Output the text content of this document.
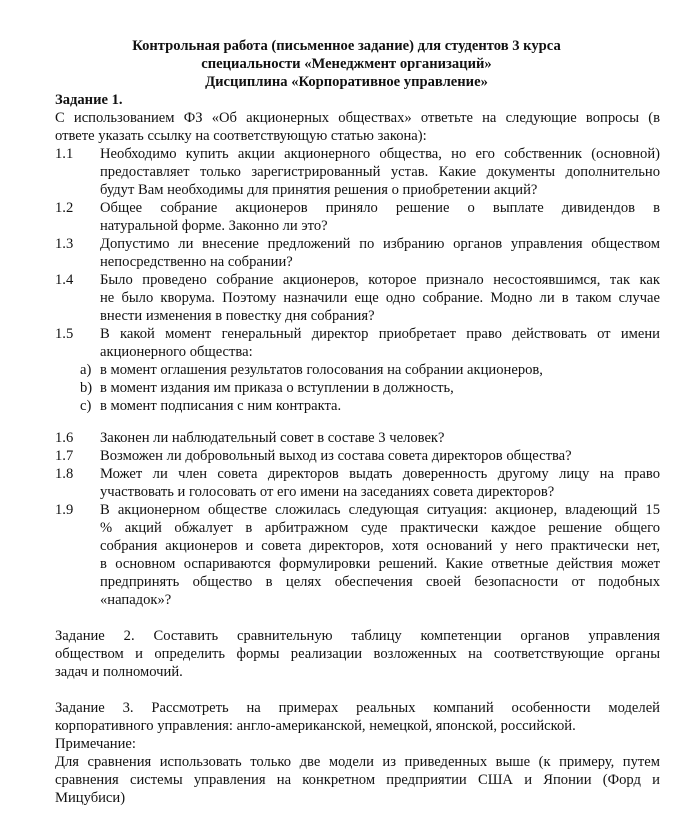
Контрольная работа (письменное задание) для студентов 3 курса
специальности «Менеджмент организаций»
Дисциплина «Корпоративное управление»
Задание 1.
С использованием ФЗ «Об акционерных обществах» ответьте на следующие вопросы (в
ответе указать ссылку на соответствующую статью закона):
1.1 Необходимо купить акции акционерного общества, но его собственник (основной)
предоставляет только зарегистрированный устав. Какие документы дополнительно
будут Вам необходимы для принятия решения о приобретении акций?
1.2 Общее собрание акционеров приняло решение о выплате дивидендов в
натуральной форме. Законно ли это?
1.3 Допустимо ли внесение предложений по избранию органов управления обществом
непосредственно на собрании?
1.4 Было проведено собрание акционеров, которое признало несостоявшимся, так как
не было кворума. Поэтому назначили еще одно собрание. Модно ли в таком случае
внести изменения в повестку дня собрания?
1.5 В какой момент генеральный директор приобретает право действовать от имени
акционерного общества:
a) в момент оглашения результатов голосования на собрании акционеров,
b) в момент издания им приказа о вступлении в должность,
c) в момент подписания с ним контракта.
1.6 Законен ли наблюдательный совет в составе 3 человек?
1.7 Возможен ли добровольный выход из состава совета директоров общества?
1.8 Может ли член совета директоров выдать доверенность другому лицу на право
участвовать и голосовать от его имени на заседаниях совета директоров?
1.9 В акционерном обществе сложилась следующая ситуация: акционер, владеющий 15
% акций обжалует в арбитражном суде практически каждое решение общего
собрания акционеров и совета директоров, хотя оснований у него практически нет,
в основном оспариваются формулировки решений. Какие ответные действия может
предпринять общество в целях обеспечения своей безопасности от подобных
«нападок»?
Задание 2. Составить сравнительную таблицу компетенции органов управления
обществом и определить формы реализации возложенных на соответствующие органы
задач и полномочий.
Задание 3. Рассмотреть на примерах реальных компаний особенности моделей
корпоративного управления: англо-американской, немецкой, японской, российской.
Примечание:
Для сравнения использовать только две модели из приведенных выше (к примеру, путем
сравнения системы управления на конкретном предприятии США и Японии (Форд и
Мицубиси)
